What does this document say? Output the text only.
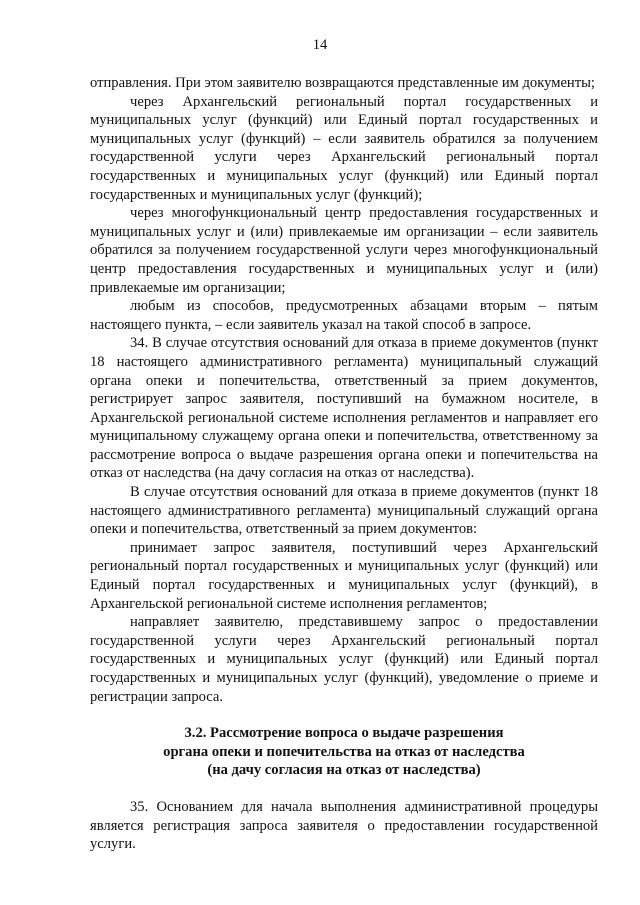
14

отправления. При этом заявителю возвращаются представленные им документы;

через Архангельский региональный портал государственных и муниципальных услуг (функций) или Единый портал государственных и муниципальных услуг (функций) – если заявитель обратился за получением государственной услуги через Архангельский региональный портал государственных и муниципальных услуг (функций) или Единый портал государственных и муниципальных услуг (функций);

через многофункциональный центр предоставления государственных и муниципальных услуг и (или) привлекаемые им организации – если заявитель обратился за получением государственной услуги через многофункциональный центр предоставления государственных и муниципальных услуг и (или) привлекаемые им организации;

любым из способов, предусмотренных абзацами вторым – пятым настоящего пункта, – если заявитель указал на такой способ в запросе.

34. В случае отсутствия оснований для отказа в приеме документов (пункт 18 настоящего административного регламента) муниципальный служащий органа опеки и попечительства, ответственный за прием документов, регистрирует запрос заявителя, поступивший на бумажном носителе, в Архангельской региональной системе исполнения регламентов и направляет его муниципальному служащему органа опеки и попечительства, ответственному за рассмотрение вопроса о выдаче разрешения органа опеки и попечительства на отказ от наследства (на дачу согласия на отказ от наследства).

В случае отсутствия оснований для отказа в приеме документов (пункт 18 настоящего административного регламента) муниципальный служащий органа опеки и попечительства, ответственный за прием документов:

принимает запрос заявителя, поступивший через Архангельский региональный портал государственных и муниципальных услуг (функций) или Единый портал государственных и муниципальных услуг (функций), в Архангельской региональной системе исполнения регламентов;

направляет заявителю, представившему запрос о предоставлении государственной услуги через Архангельский региональный портал государственных и муниципальных услуг (функций) или Единый портал государственных и муниципальных услуг (функций), уведомление о приеме и регистрации запроса.

3.2. Рассмотрение вопроса о выдаче разрешения
органа опеки и попечительства на отказ от наследства
(на дачу согласия на отказ от наследства)

35. Основанием для начала выполнения административной процедуры является регистрация запроса заявителя о предоставлении государственной услуги.
